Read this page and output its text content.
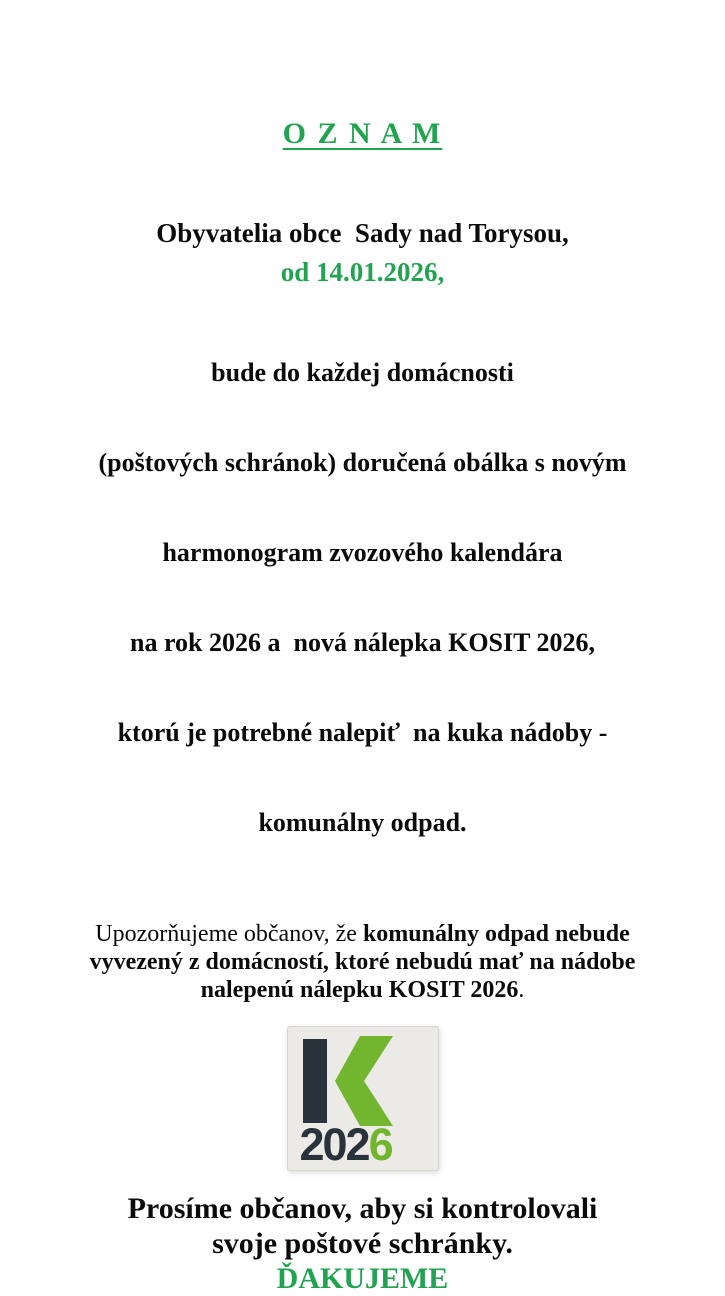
O Z N A M

Obyvatelia obce  Sady nad Torysou,

od 14.01.2026,

bude do každej domácnosti

(poštových schránok) doručená obálka s novým

harmonogram zvozového kalendára

na rok 2026 a  nová nálepka KOSIT 2026,

ktorú je potrebné nalepiť  na kuka nádoby -

komunálny odpad.

Upozorňujeme občanov, že komunálny odpad nebude vyvezený z domácností, ktoré nebudú mať na nádobe nalepenú nálepku KOSIT 2026.

2026
Prosíme občanov, aby si kontrolovali
svoje poštové schránky.

ĎAKUJEME
